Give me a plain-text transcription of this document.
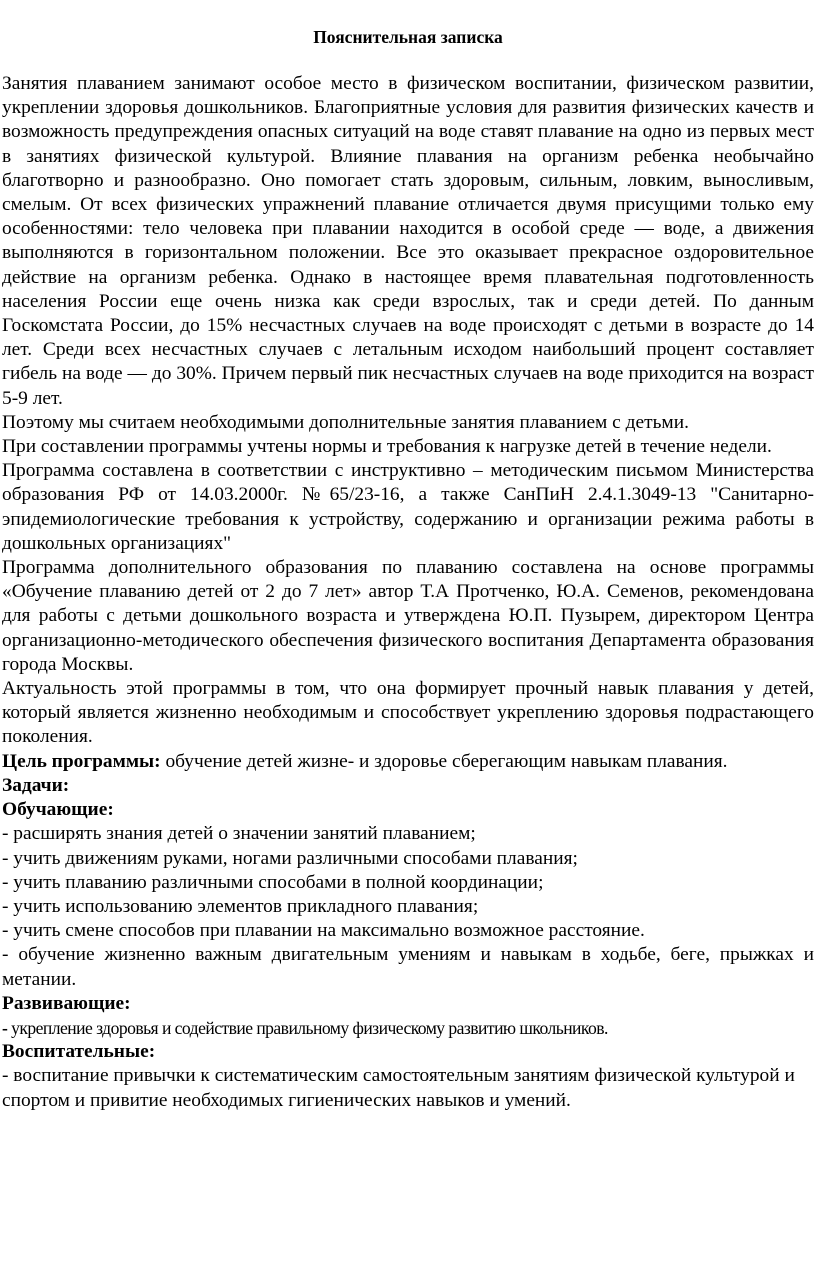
Пояснительная записка

Занятия плаванием занимают особое место в физическом воспитании, физическом развитии, укреплении здоровья дошкольников. Благоприятные условия для развития физических качеств и возможность предупреждения опасных ситуаций на воде ставят плавание на одно из первых мест в занятиях физической культурой. Влияние плавания на организм ребенка необычайно благотворно и разнообразно. Оно помогает стать здоровым, сильным, ловким, выносливым, смелым. От всех физических упражнений плавание отличается двумя присущими только ему особенностями: тело человека при плавании находится в особой среде — воде, а движения выполняются в горизонтальном положении. Все это оказывает прекрасное оздоровительное действие на организм ребенка. Однако в настоящее время плавательная подготовленность населения России еще очень низка как среди взрослых, так и среди детей. По данным Госкомстата России, до 15% несчастных случаев на воде происходят с детьми в возрасте до 14 лет. Среди всех несчастных случаев с летальным исходом наибольший процент составляет гибель на воде — до 30%. Причем первый пик несчастных случаев на воде приходится на возраст 5-9 лет.

Поэтому мы считаем необходимыми дополнительные занятия плаванием с детьми.

При составлении программы учтены нормы и требования к нагрузке детей в течение недели.

Программа составлена в соответствии с инструктивно – методическим письмом Министерства образования РФ от 14.03.2000г. №65/23-16, а также СанПиН 2.4.1.3049-13 "Санитарно-эпидемиологические требования к устройству, содержанию и организации режима работы в дошкольных организациях"

Программа дополнительного образования по плаванию составлена на основе программы «Обучение плаванию детей от 2 до 7 лет» автор Т.А Протченко, Ю.А. Семенов, рекомендована для работы с детьми дошкольного возраста и утверждена Ю.П. Пузырем, директором Центра организационно-методического обеспечения физического воспитания Департамента образования города Москвы.

Актуальность этой программы в том, что она формирует прочный навык плавания у детей, который является жизненно необходимым и способствует укреплению здоровья подрастающего поколения.

Цель программы: обучение детей жизне- и здоровье сберегающим навыкам плавания.

Задачи:

Обучающие:

- расширять знания детей о значении занятий плаванием;

- учить движениям руками, ногами различными способами плавания;

- учить плаванию различными способами в полной координации;

- учить использованию элементов прикладного плавания;

- учить смене способов при плавании на максимально возможное расстояние.

- обучение жизненно важным двигательным умениям и навыкам в ходьбе, беге, прыжках и метании.

Развивающие:

- укрепление здоровья и содействие правильному физическому развитию школьников.

Воспитательные:

- воспитание привычки к систематическим самостоятельным занятиям физической культурой и спортом и привитие необходимых гигиенических навыков и умений.
